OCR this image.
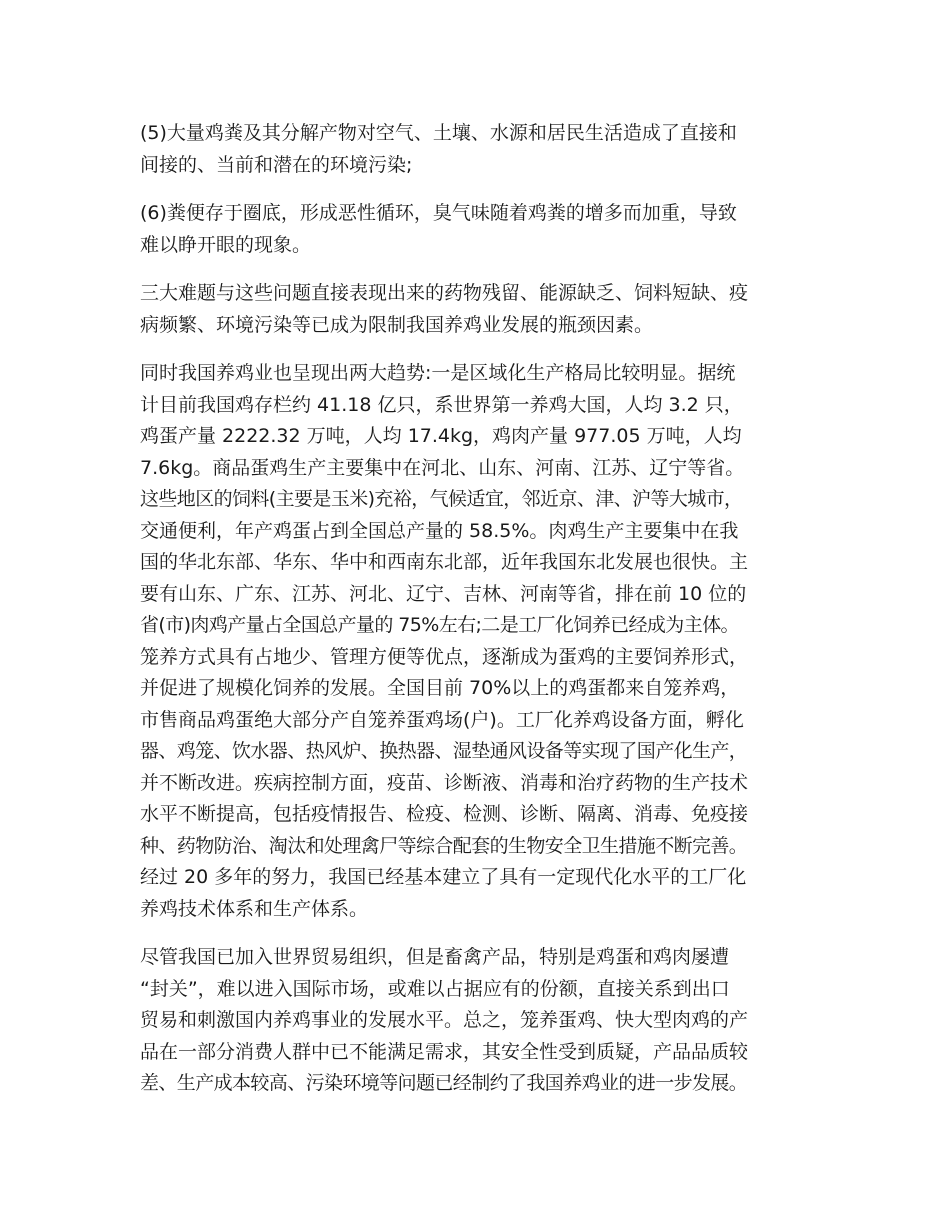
(5)大量鸡粪及其分解产物对空气、土壤、水源和居民生活造成了直接和
间接的、当前和潜在的环境污染;

(6)粪便存于圈底，形成恶性循环，臭气味随着鸡粪的增多而加重，导致
难以睁开眼的现象。

三大难题与这些问题直接表现出来的药物残留、能源缺乏、饲料短缺、疫
病频繁、环境污染等已成为限制我国养鸡业发展的瓶颈因素。

同时我国养鸡业也呈现出两大趋势:一是区域化生产格局比较明显。据统
计目前我国鸡存栏约 41.18 亿只，系世界第一养鸡大国，人均 3.2 只，
鸡蛋产量 2222.32 万吨，人均 17.4kg，鸡肉产量 977.05 万吨，人均
7.6kg。商品蛋鸡生产主要集中在河北、山东、河南、江苏、辽宁等省。
这些地区的饲料(主要是玉米)充裕，气候适宜，邻近京、津、沪等大城市，
交通便利，年产鸡蛋占到全国总产量的 58.5%。肉鸡生产主要集中在我
国的华北东部、华东、华中和西南东北部，近年我国东北发展也很快。主
要有山东、广东、江苏、河北、辽宁、吉林、河南等省，排在前 10 位的
省(市)肉鸡产量占全国总产量的 75%左右;二是工厂化饲养已经成为主体。
笼养方式具有占地少、管理方便等优点，逐渐成为蛋鸡的主要饲养形式，
并促进了规模化饲养的发展。全国目前 70%以上的鸡蛋都来自笼养鸡，
市售商品鸡蛋绝大部分产自笼养蛋鸡场(户)。工厂化养鸡设备方面，孵化
器、鸡笼、饮水器、热风炉、换热器、湿垫通风设备等实现了国产化生产，
并不断改进。疾病控制方面，疫苗、诊断液、消毒和治疗药物的生产技术
水平不断提高，包括疫情报告、检疫、检测、诊断、隔离、消毒、免疫接
种、药物防治、淘汰和处理禽尸等综合配套的生物安全卫生措施不断完善。
经过 20 多年的努力，我国已经基本建立了具有一定现代化水平的工厂化
养鸡技术体系和生产体系。

尽管我国已加入世界贸易组织，但是畜禽产品，特别是鸡蛋和鸡肉屡遭
“封关”，难以进入国际市场，或难以占据应有的份额，直接关系到出口
贸易和刺激国内养鸡事业的发展水平。总之，笼养蛋鸡、快大型肉鸡的产
品在一部分消费人群中已不能满足需求，其安全性受到质疑，产品品质较
差、生产成本较高、污染环境等问题已经制约了我国养鸡业的进一步发展。
